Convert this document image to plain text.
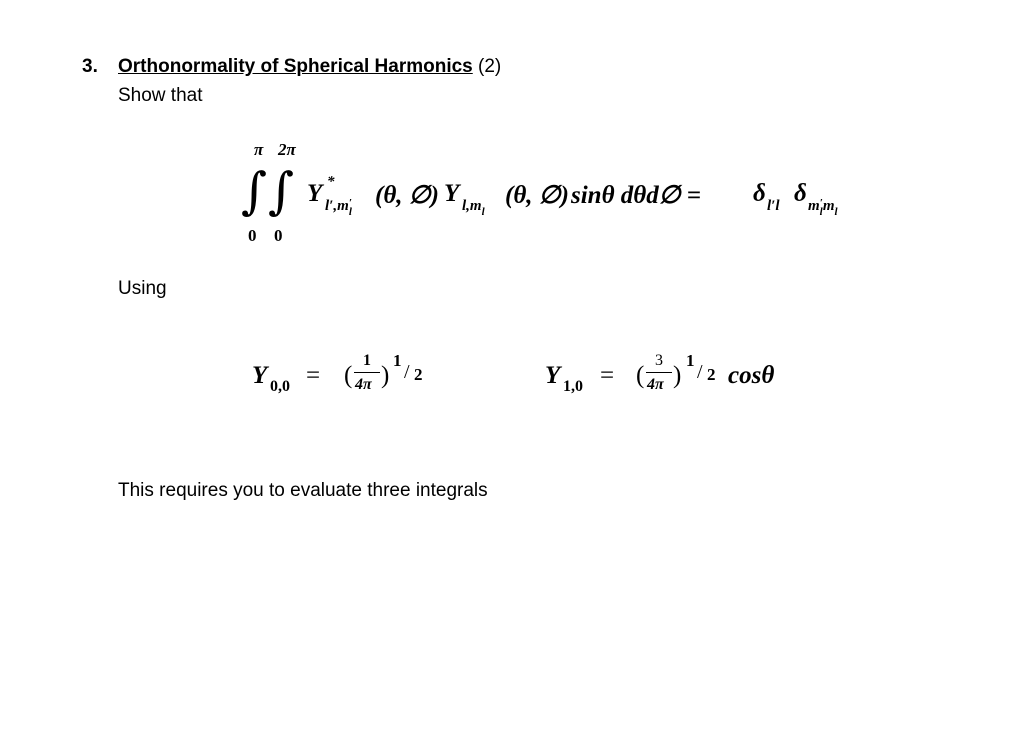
3. Orthonormality of Spherical Harmonics (2)
Show that
π 2π
∫ ∫
0 0
Y *
$l',m_l'$ (θ, ∅) Y $l,m_l$
(θ, ∅) sinθ dθd∅ = δ l′l δ $m_l'm_l$
Using
Y 0,0 = (
1
4π )
1
/ 2	Y 1,0 = (
3
4π )
1
/ 2 cosθ
This requires you to evaluate three integrals
